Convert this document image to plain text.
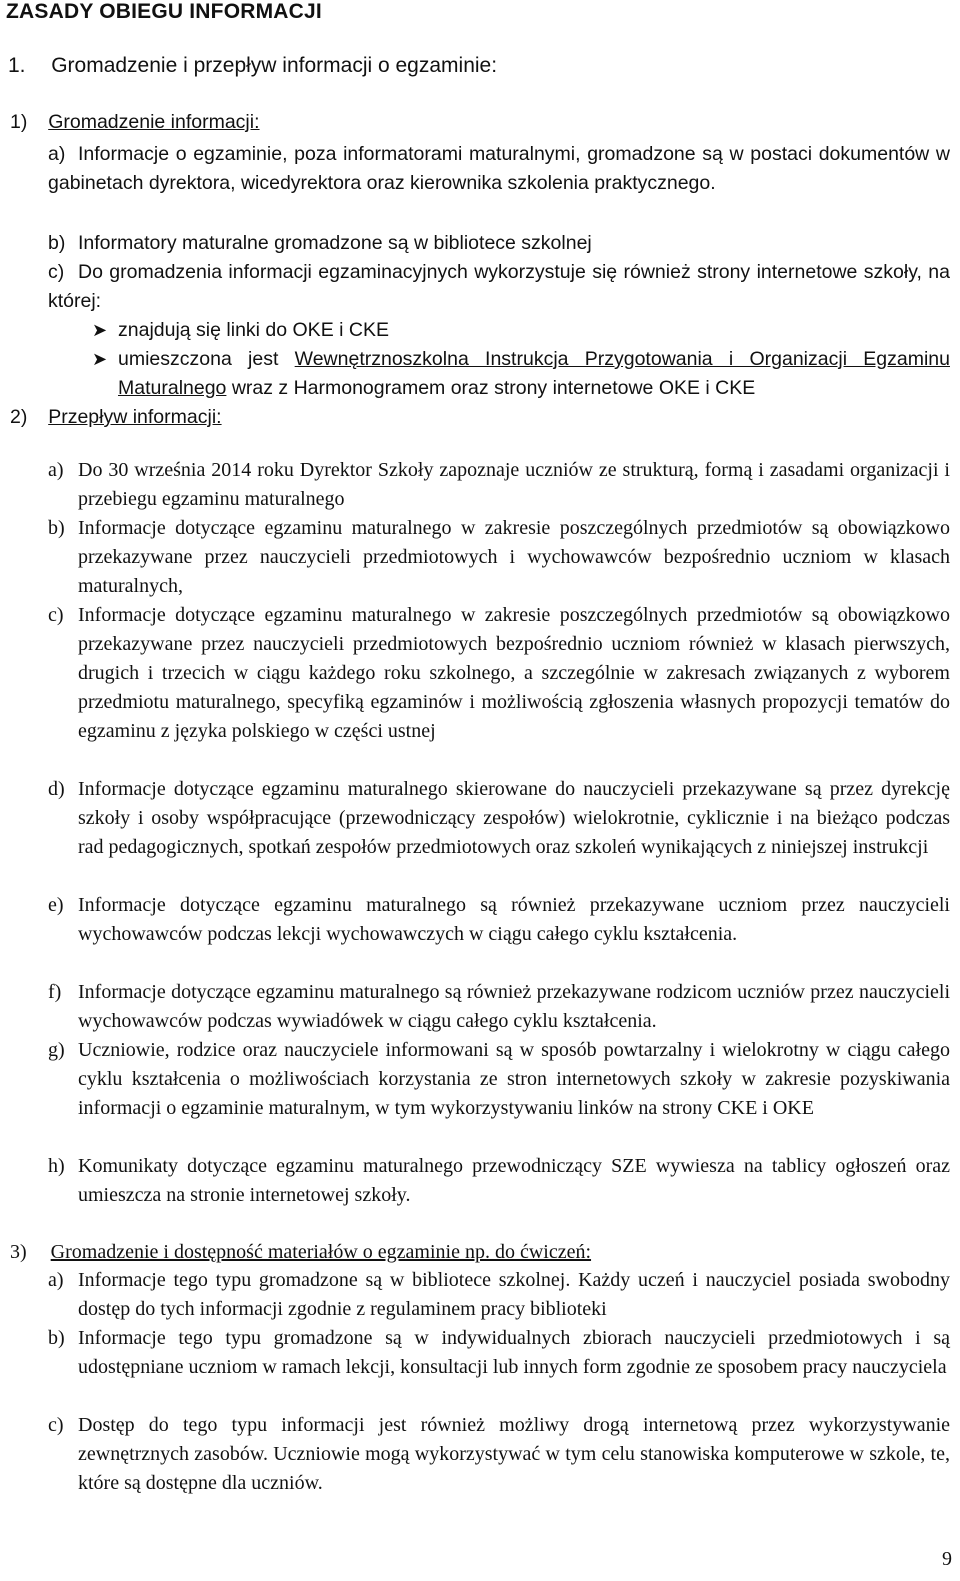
ZASADY OBIEGU INFORMACJI
1. Gromadzenie i przepływ informacji o egzaminie:
1) Gromadzenie informacji:
a) Informacje o egzaminie, poza informatorami maturalnymi, gromadzone są w postaci dokumentów w gabinetach dyrektora, wicedyrektora oraz kierownika szkolenia praktycznego.
b) Informatory maturalne gromadzone są w bibliotece szkolnej
c) Do gromadzenia informacji egzaminacyjnych wykorzystuje się również strony internetowe szkoły, na której:
➤ znajdują się linki do OKE i CKE
➤ umieszczona jest Wewnętrznoszkolna Instrukcja Przygotowania i Organizacji Egzaminu Maturalnego wraz z Harmonogramem oraz strony internetowe OKE i CKE
2) Przepływ informacji:
a) Do 30 września 2014 roku Dyrektor Szkoły zapoznaje uczniów ze strukturą, formą i zasadami organizacji i przebiegu egzaminu maturalnego
b) Informacje dotyczące egzaminu maturalnego w zakresie poszczególnych przedmiotów są obowiązkowo przekazywane przez nauczycieli przedmiotowych i wychowawców bezpośrednio uczniom w klasach maturalnych,
c) Informacje dotyczące egzaminu maturalnego w zakresie poszczególnych przedmiotów są obowiązkowo przekazywane przez nauczycieli przedmiotowych bezpośrednio uczniom również w klasach pierwszych, drugich i trzecich w ciągu każdego roku szkolnego, a szczególnie w zakresach związanych z wyborem przedmiotu maturalnego, specyfiką egzaminów i możliwością zgłoszenia własnych propozycji tematów do egzaminu z języka polskiego w części ustnej
d) Informacje dotyczące egzaminu maturalnego skierowane do nauczycieli przekazywane są przez dyrekcję szkoły i osoby współpracujące (przewodniczący zespołów) wielokrotnie, cyklicznie i na bieżąco podczas rad pedagogicznych, spotkań zespołów przedmiotowych oraz szkoleń wynikających z niniejszej instrukcji
e) Informacje dotyczące egzaminu maturalnego są również przekazywane uczniom przez nauczycieli wychowawców podczas lekcji wychowawczych w ciągu całego cyklu kształcenia.
f) Informacje dotyczące egzaminu maturalnego są również przekazywane rodzicom uczniów przez nauczycieli wychowawców podczas wywiadówek w ciągu całego cyklu kształcenia.
g) Uczniowie, rodzice oraz nauczyciele informowani są w sposób powtarzalny i wielokrotny w ciągu całego cyklu kształcenia o możliwościach korzystania ze stron internetowych szkoły w zakresie pozyskiwania informacji o egzaminie maturalnym, w tym wykorzystywaniu linków na strony CKE i OKE
h) Komunikaty dotyczące egzaminu maturalnego przewodniczący SZE wywiesza na tablicy ogłoszeń oraz umieszcza na stronie internetowej szkoły.
3) Gromadzenie i dostępność materiałów o egzaminie np. do ćwiczeń:
a) Informacje tego typu gromadzone są w bibliotece szkolnej. Każdy uczeń i nauczyciel posiada swobodny dostęp do tych informacji zgodnie z regulaminem pracy biblioteki
b) Informacje tego typu gromadzone są w indywidualnych zbiorach nauczycieli przedmiotowych i są udostępniane uczniom w ramach lekcji, konsultacji lub innych form zgodnie ze sposobem pracy nauczyciela
c) Dostęp do tego typu informacji jest również możliwy drogą internetową przez wykorzystywanie zewnętrznych zasobów. Uczniowie mogą wykorzystywać w tym celu stanowiska komputerowe w szkole, te, które są dostępne dla uczniów.
9
